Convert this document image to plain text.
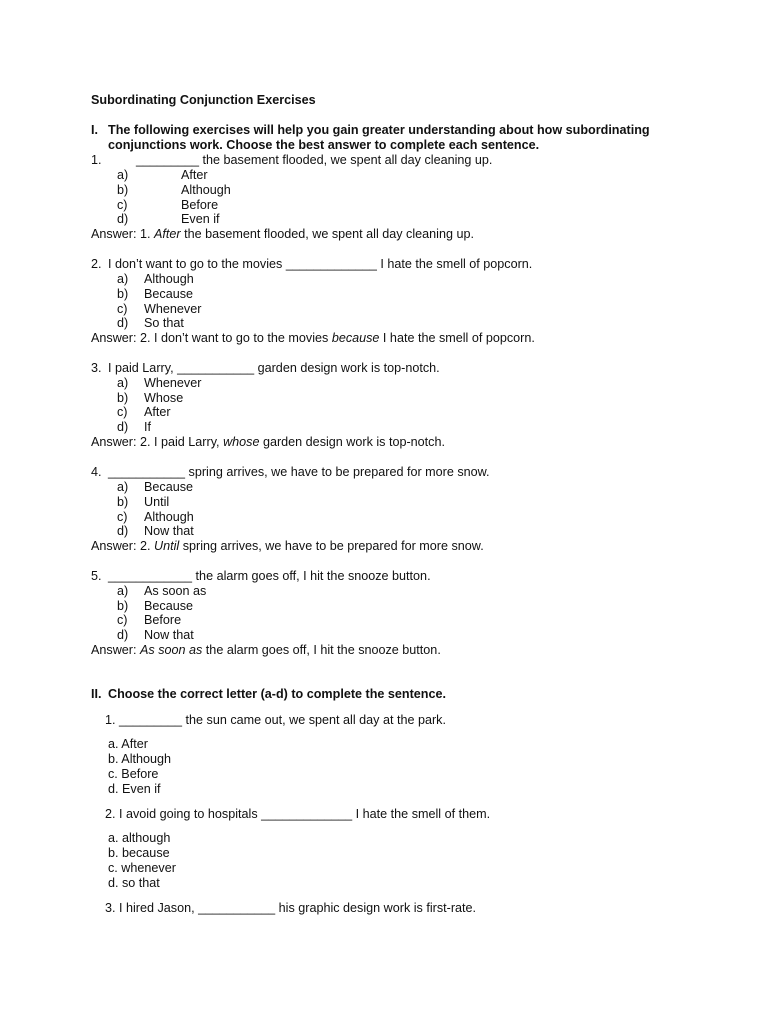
Subordinating Conjunction Exercises
I. The following exercises will help you gain greater understanding about how subordinating
conjunctions work. Choose the best answer to complete each sentence.
1.	_________ the basement flooded, we spent all day cleaning up.
a)	After
b)	Although
c)	Before
d)	Even if
Answer: 1. After the basement flooded, we spent all day cleaning up.
2. I don’t want to go to the movies _____________ I hate the smell of popcorn.
a) Although
b) Because
c) Whenever
d) So that
Answer: 2. I don’t want to go to the movies because I hate the smell of popcorn.
3. I paid Larry, ___________ garden design work is top-notch.
a) Whenever
b) Whose
c) After
d) If
Answer: 2. I paid Larry, whose garden design work is top-notch.
4. ___________ spring arrives, we have to be prepared for more snow.
a) Because
b) Until
c) Although
d) Now that
Answer: 2. Until spring arrives, we have to be prepared for more snow.
5. ____________ the alarm goes off, I hit the snooze button.
a) As soon as
b) Because
c) Before
d) Now that
Answer: As soon as the alarm goes off, I hit the snooze button.
II. Choose the correct letter (a-d) to complete the sentence.
1. _________ the sun came out, we spent all day at the park.
a. After
b. Although
c. Before
d. Even if
2. I avoid going to hospitals _____________ I hate the smell of them.
a. although
b. because
c. whenever
d. so that
3. I hired Jason, ___________ his graphic design work is first-rate.
